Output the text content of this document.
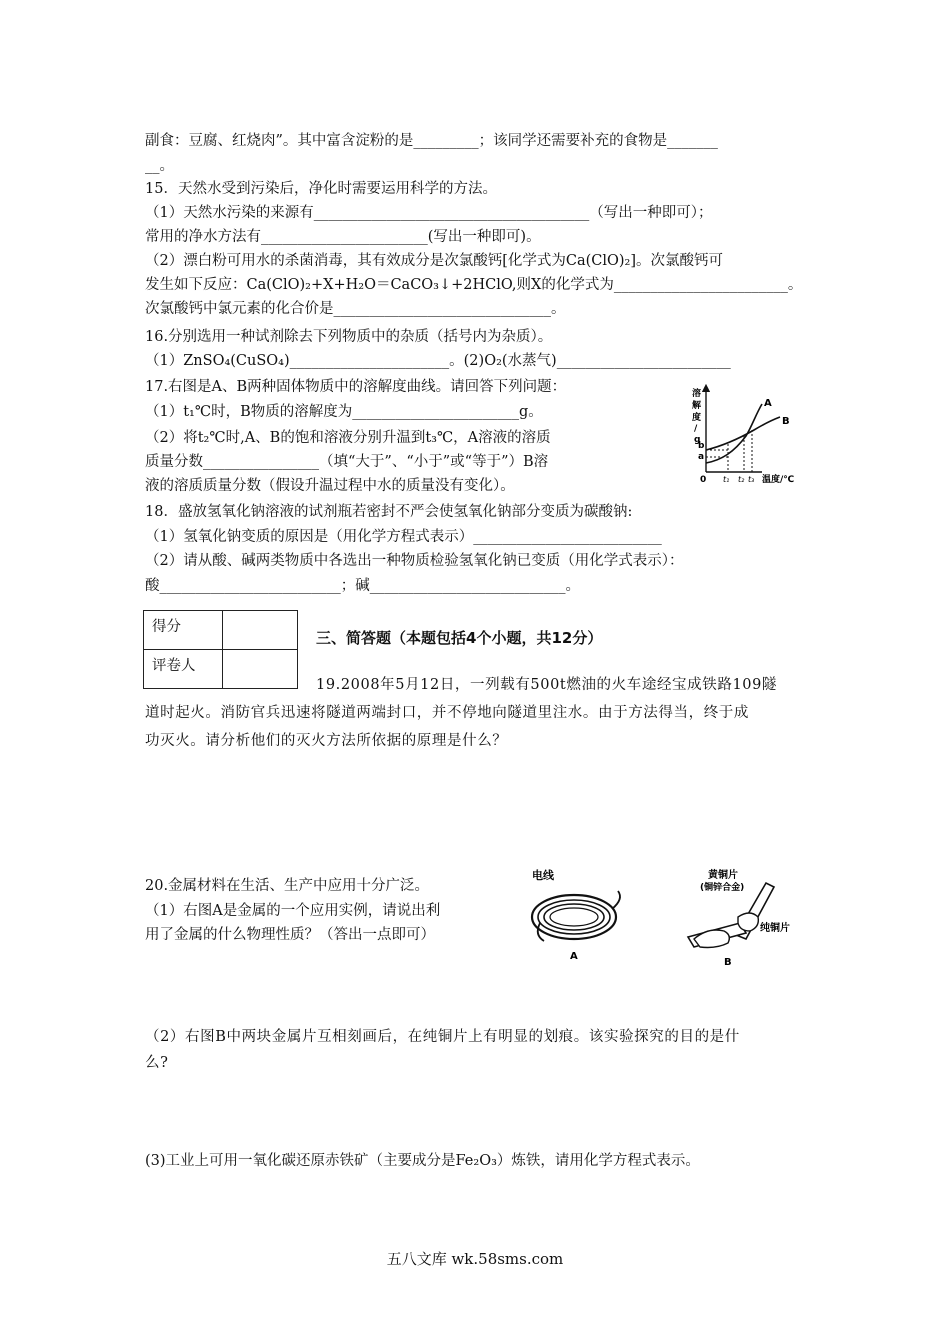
副食：豆腐、红烧肉”。其中富含淀粉的是_________；该同学还需要补充的食物是_______
__。
15．天然水受到污染后，净化时需要运用科学的方法。
（1）天然水污染的来源有______________________________________（写出一种即可）；
常用的净水方法有_______________________(写出一种即可)。
（2）漂白粉可用水的杀菌消毒，其有效成分是次氯酸钙[化学式为Ca(ClO)₂]。次氯酸钙可
发生如下反应：Ca(ClO)₂+X+H₂O＝CaCO₃↓+2HClO,则X的化学式为________________________。
次氯酸钙中氯元素的化合价是______________________________。
16.分别选用一种试剂除去下列物质中的杂质（括号内为杂质）。
（1）ZnSO₄(CuSO₄)______________________。(2)O₂(水蒸气)________________________
17.右图是A、B两种固体物质中的溶解度曲线。请回答下列问题：
（1）t₁℃时，B物质的溶解度为_______________________g。
（2）将t₂℃时,A、B的饱和溶液分别升温到t₃℃，A溶液的溶质
质量分数________________（填“大于”、“小于”或“等于”）B溶
液的溶质质量分数（假设升温过程中水的质量没有变化）。
溶
解
度
/
g
b
a
A
B
0 t₁ t₂ t₃ 温度/℃
18．盛放氢氧化钠溶液的试剂瓶若密封不严会使氢氧化钠部分变质为碳酸钠:
（1）氢氧化钠变质的原因是（用化学方程式表示）__________________________
（2）请从酸、碱两类物质中各选出一种物质检验氢氧化钠已变质（用化学式表示）：
酸_________________________；碱___________________________。
得分	
评卷人	
三、简答题（本题包括4个小题，共12分）
19.2008年5月12日，一列载有500t燃油的火车途经宝成铁路109隧
道时起火。消防官兵迅速将隧道两端封口，并不停地向隧道里注水。由于方法得当，终于成
功灭火。请分析他们的灭火方法所依据的原理是什么？
20.金属材料在生活、生产中应用十分广泛。
（1）右图A是金属的一个应用实例，请说出利
用了金属的什么物理性质？（答出一点即可）
电线
A
黄铜片
(铜锌合金)
纯铜片
B
（2）右图B中两块金属片互相刻画后，在纯铜片上有明显的划痕。该实验探究的目的是什
么?
(3)工业上可用一氧化碳还原赤铁矿（主要成分是Fe₂O₃）炼铁，请用化学方程式表示。
五八文库 wk.58sms.com
